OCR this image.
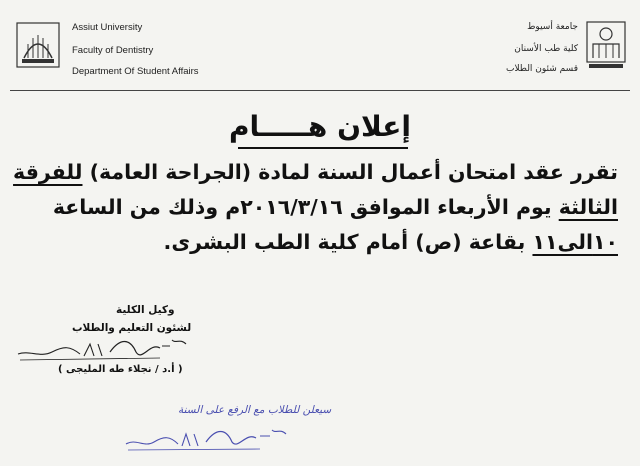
Assiut University
Faculty of Dentistry
Department Of Student Affairs
جامعة أسيوط
كلية طب الأسنان
قسم شئون الطلاب
إعلان هـــــام
تقرر عقد امتحان أعمال السنة لمادة (الجراحة العامة) للفرقة
الثالثة يوم الأربعاء الموافق ٢٠١٦/٣/١٦م وذلك من الساعة
١٠الى١١ بقاعة (ص) أمام كلية الطب البشرى.
وكيل الكلية
لشئون التعليم والطلاب
( أ.د / نجلاء طه المليجى )
سيعلن للطلاب مع الرفع على السنة
